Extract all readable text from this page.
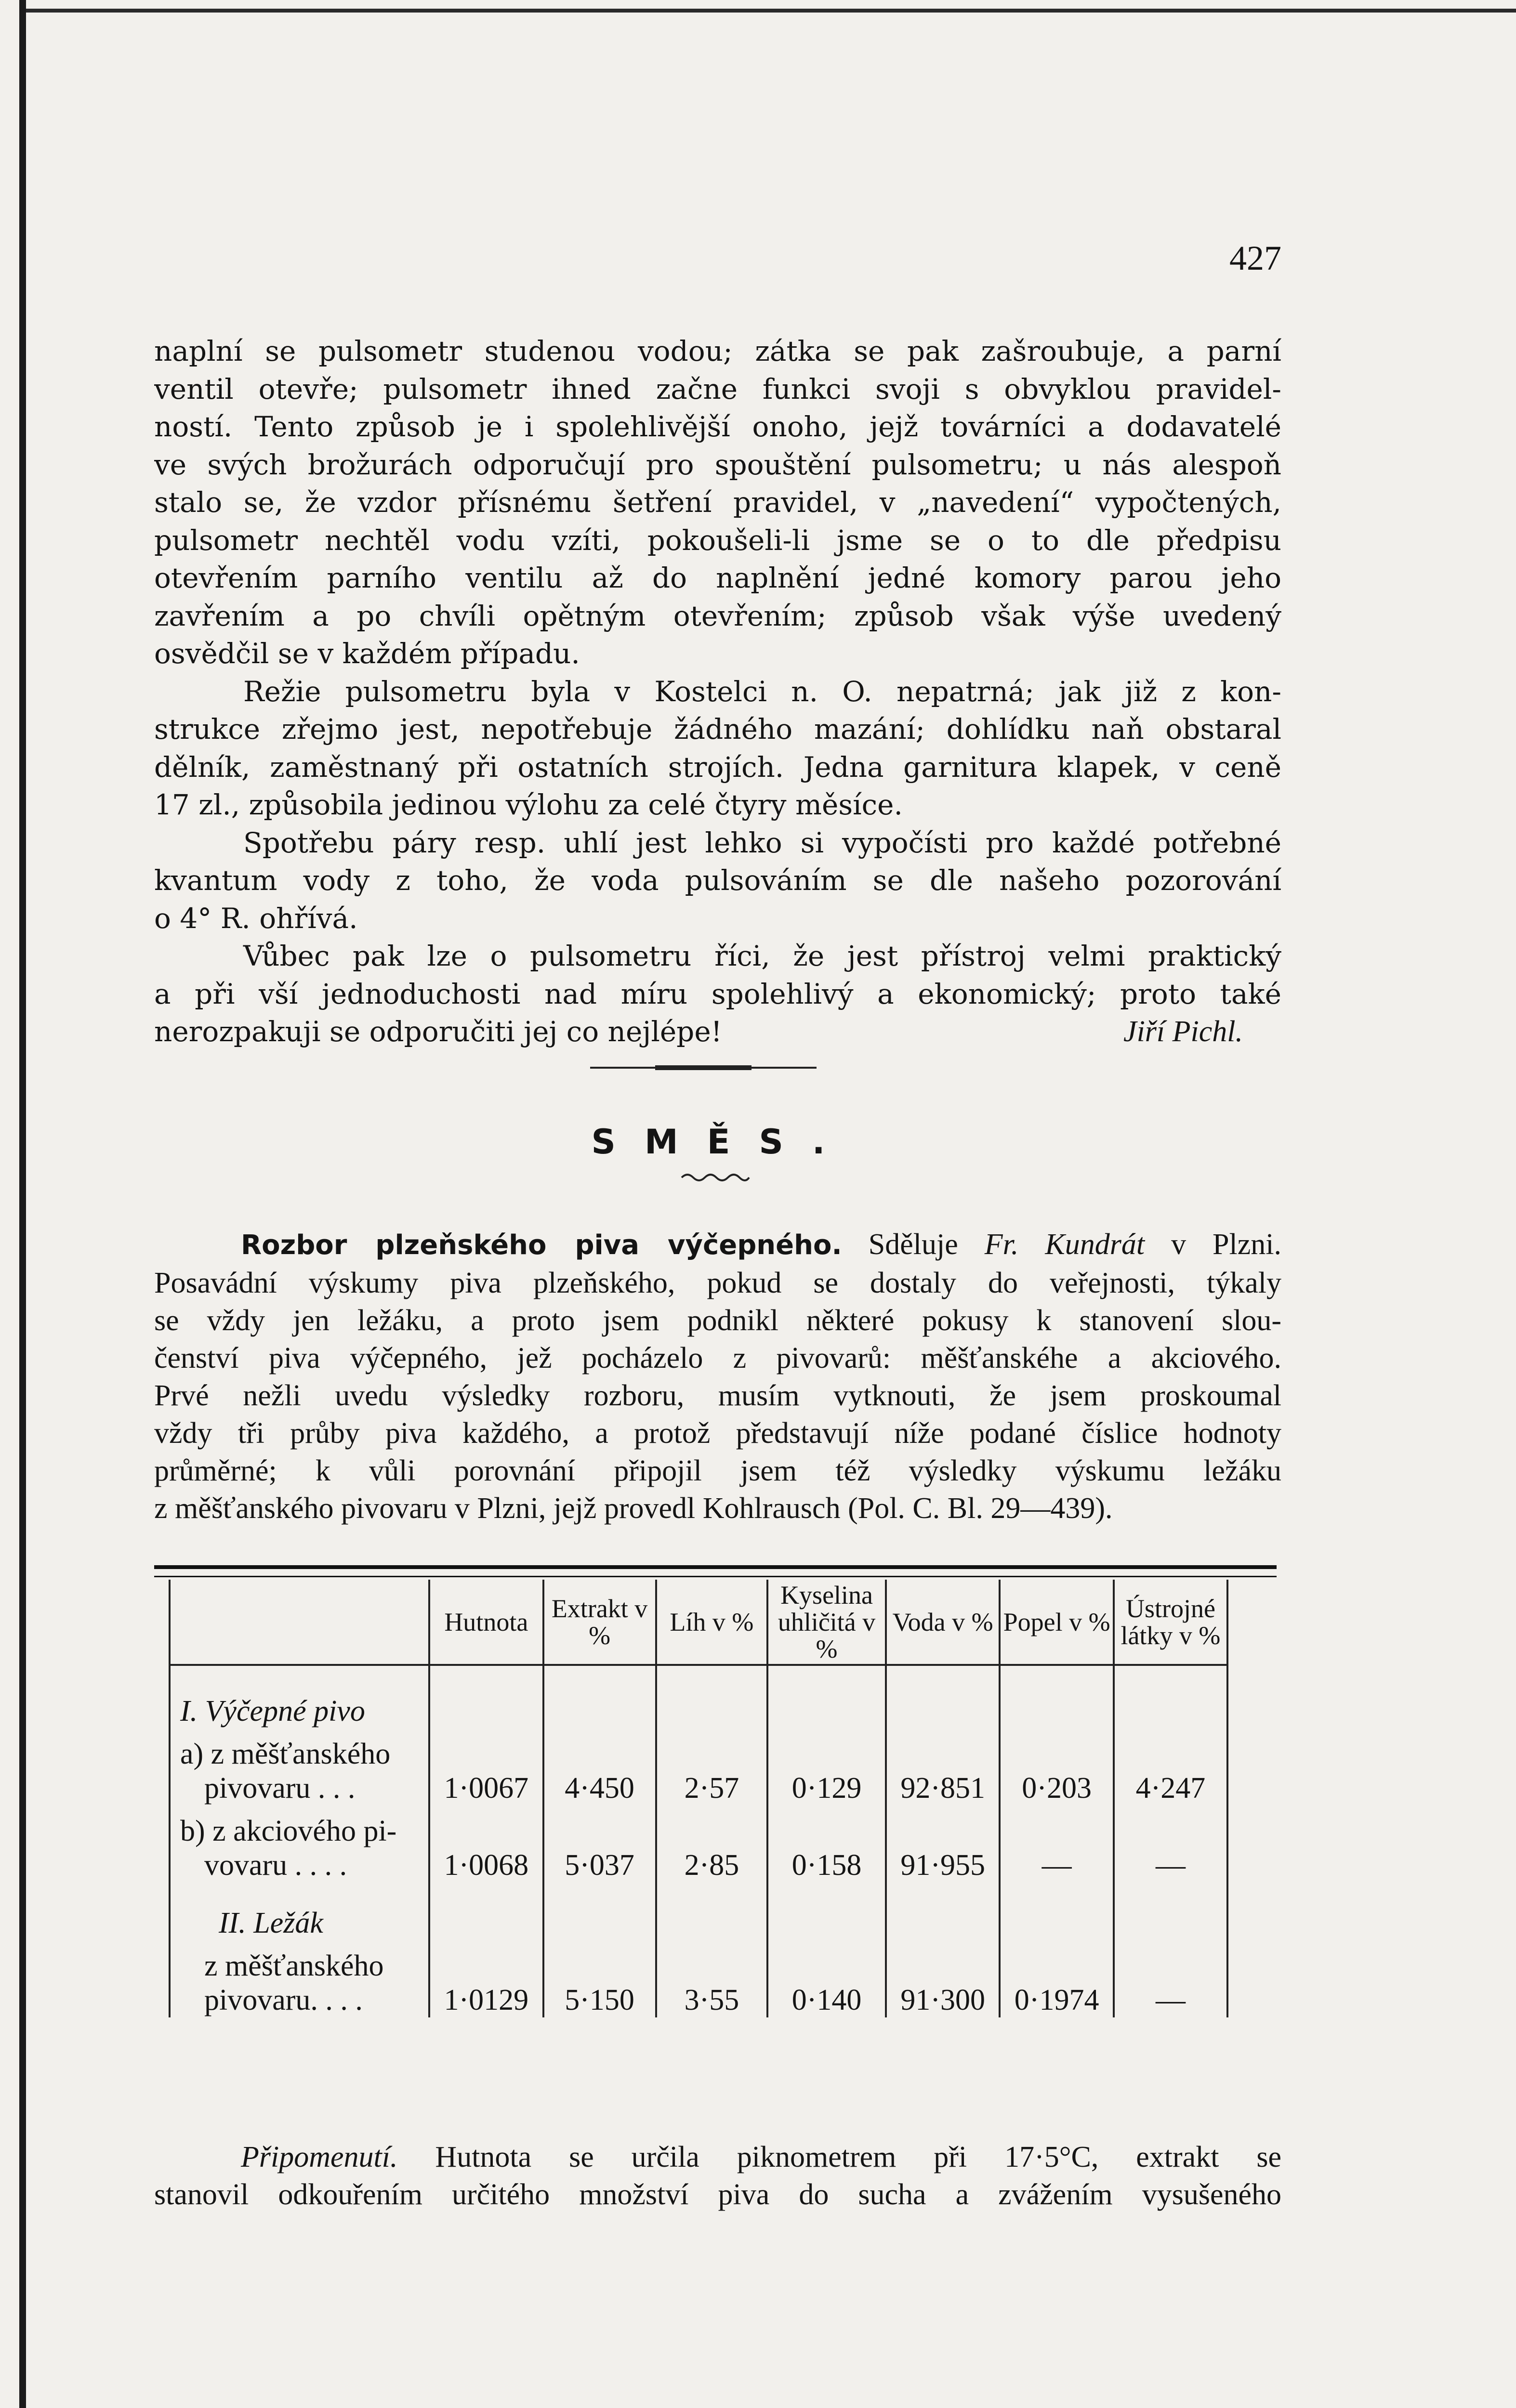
427
naplní se pulsometr studenou vodou; zátka se pak zašroubuje, a parní
ventil otevře; pulsometr ihned začne funkci svoji s obvyklou pravidel-
ností. Tento způsob je i spolehlivější onoho, jejž továrníci a dodavatelé
ve svých brožurách odporučují pro spouštění pulsometru; u nás alespoň
stalo se, že vzdor přísnému šetření pravidel, v „navedení“ vypočtených,
pulsometr nechtěl vodu vzíti, pokoušeli-li jsme se o to dle předpisu
otevřením parního ventilu až do naplnění jedné komory parou jeho
zavřením a po chvíli opětným otevřením; způsob však výše uvedený
osvědčil se v každém případu.
Režie pulsometru byla v Kostelci n. O. nepatrná; jak již z kon-
strukce zřejmo jest, nepotřebuje žádného mazání; dohlídku naň obstaral
dělník, zaměstnaný při ostatních strojích. Jedna garnitura klapek, v ceně
17 zl., způsobila jedinou výlohu za celé čtyry měsíce.
Spotřebu páry resp. uhlí jest lehko si vypočísti pro každé potřebné
kvantum vody z toho, že voda pulsováním se dle našeho pozorování
o 4° R. ohřívá.
Vůbec pak lze o pulsometru říci, že jest přístroj velmi praktický
a při vší jednoduchosti nad míru spolehlivý a ekonomický; proto také
nerozpakuji se odporučiti jej co nejlépe!	Jiří Pichl.
SMĚS.
Rozbor plzeňského piva výčepného. Sděluje Fr. Kundrát v Plzni.
Posavádní výskumy piva plzeňského, pokud se dostaly do veřejnosti, týkaly
se vždy jen ležáku, a proto jsem podnikl některé pokusy k stanovení slou-
čenství piva výčepného, jež pocházelo z pivovarů: měšťanskéhe a akciového.
Prvé nežli uvedu výsledky rozboru, musím vytknouti, že jsem proskoumal
vždy tři průby piva každého, a protož představují níže podané číslice hodnoty
průměrné; k vůli porovnání připojil jsem též výsledky výskumu ležáku
z měšťanského pivovaru v Plzni, jejž provedl Kohlrausch (Pol. C. Bl. 29—439).
	Hutnota	Extrakt v %	Líh v %	Kyselina uhličitá v %	Voda v %	Popel v %	Ústrojné látky v %
I. Výčepné pivo							

a) z měšťanského
pivovaru . . .	1·0067	4·450	2·57	0·129	92·851	0·203	4·247

b) z akciového pi-
vovaru . . . .	1·0068	5·037	2·85	0·158	91·955	—	—
II. Ležák							

z měšťanského
pivovaru. . . .	1·0129	5·150	3·55	0·140	91·300	0·1974	—
Připomenutí. Hutnota se určila piknometrem při 17·5°C, extrakt se
stanovil odkouřením určitého množství piva do sucha a zvážením vysušeného
